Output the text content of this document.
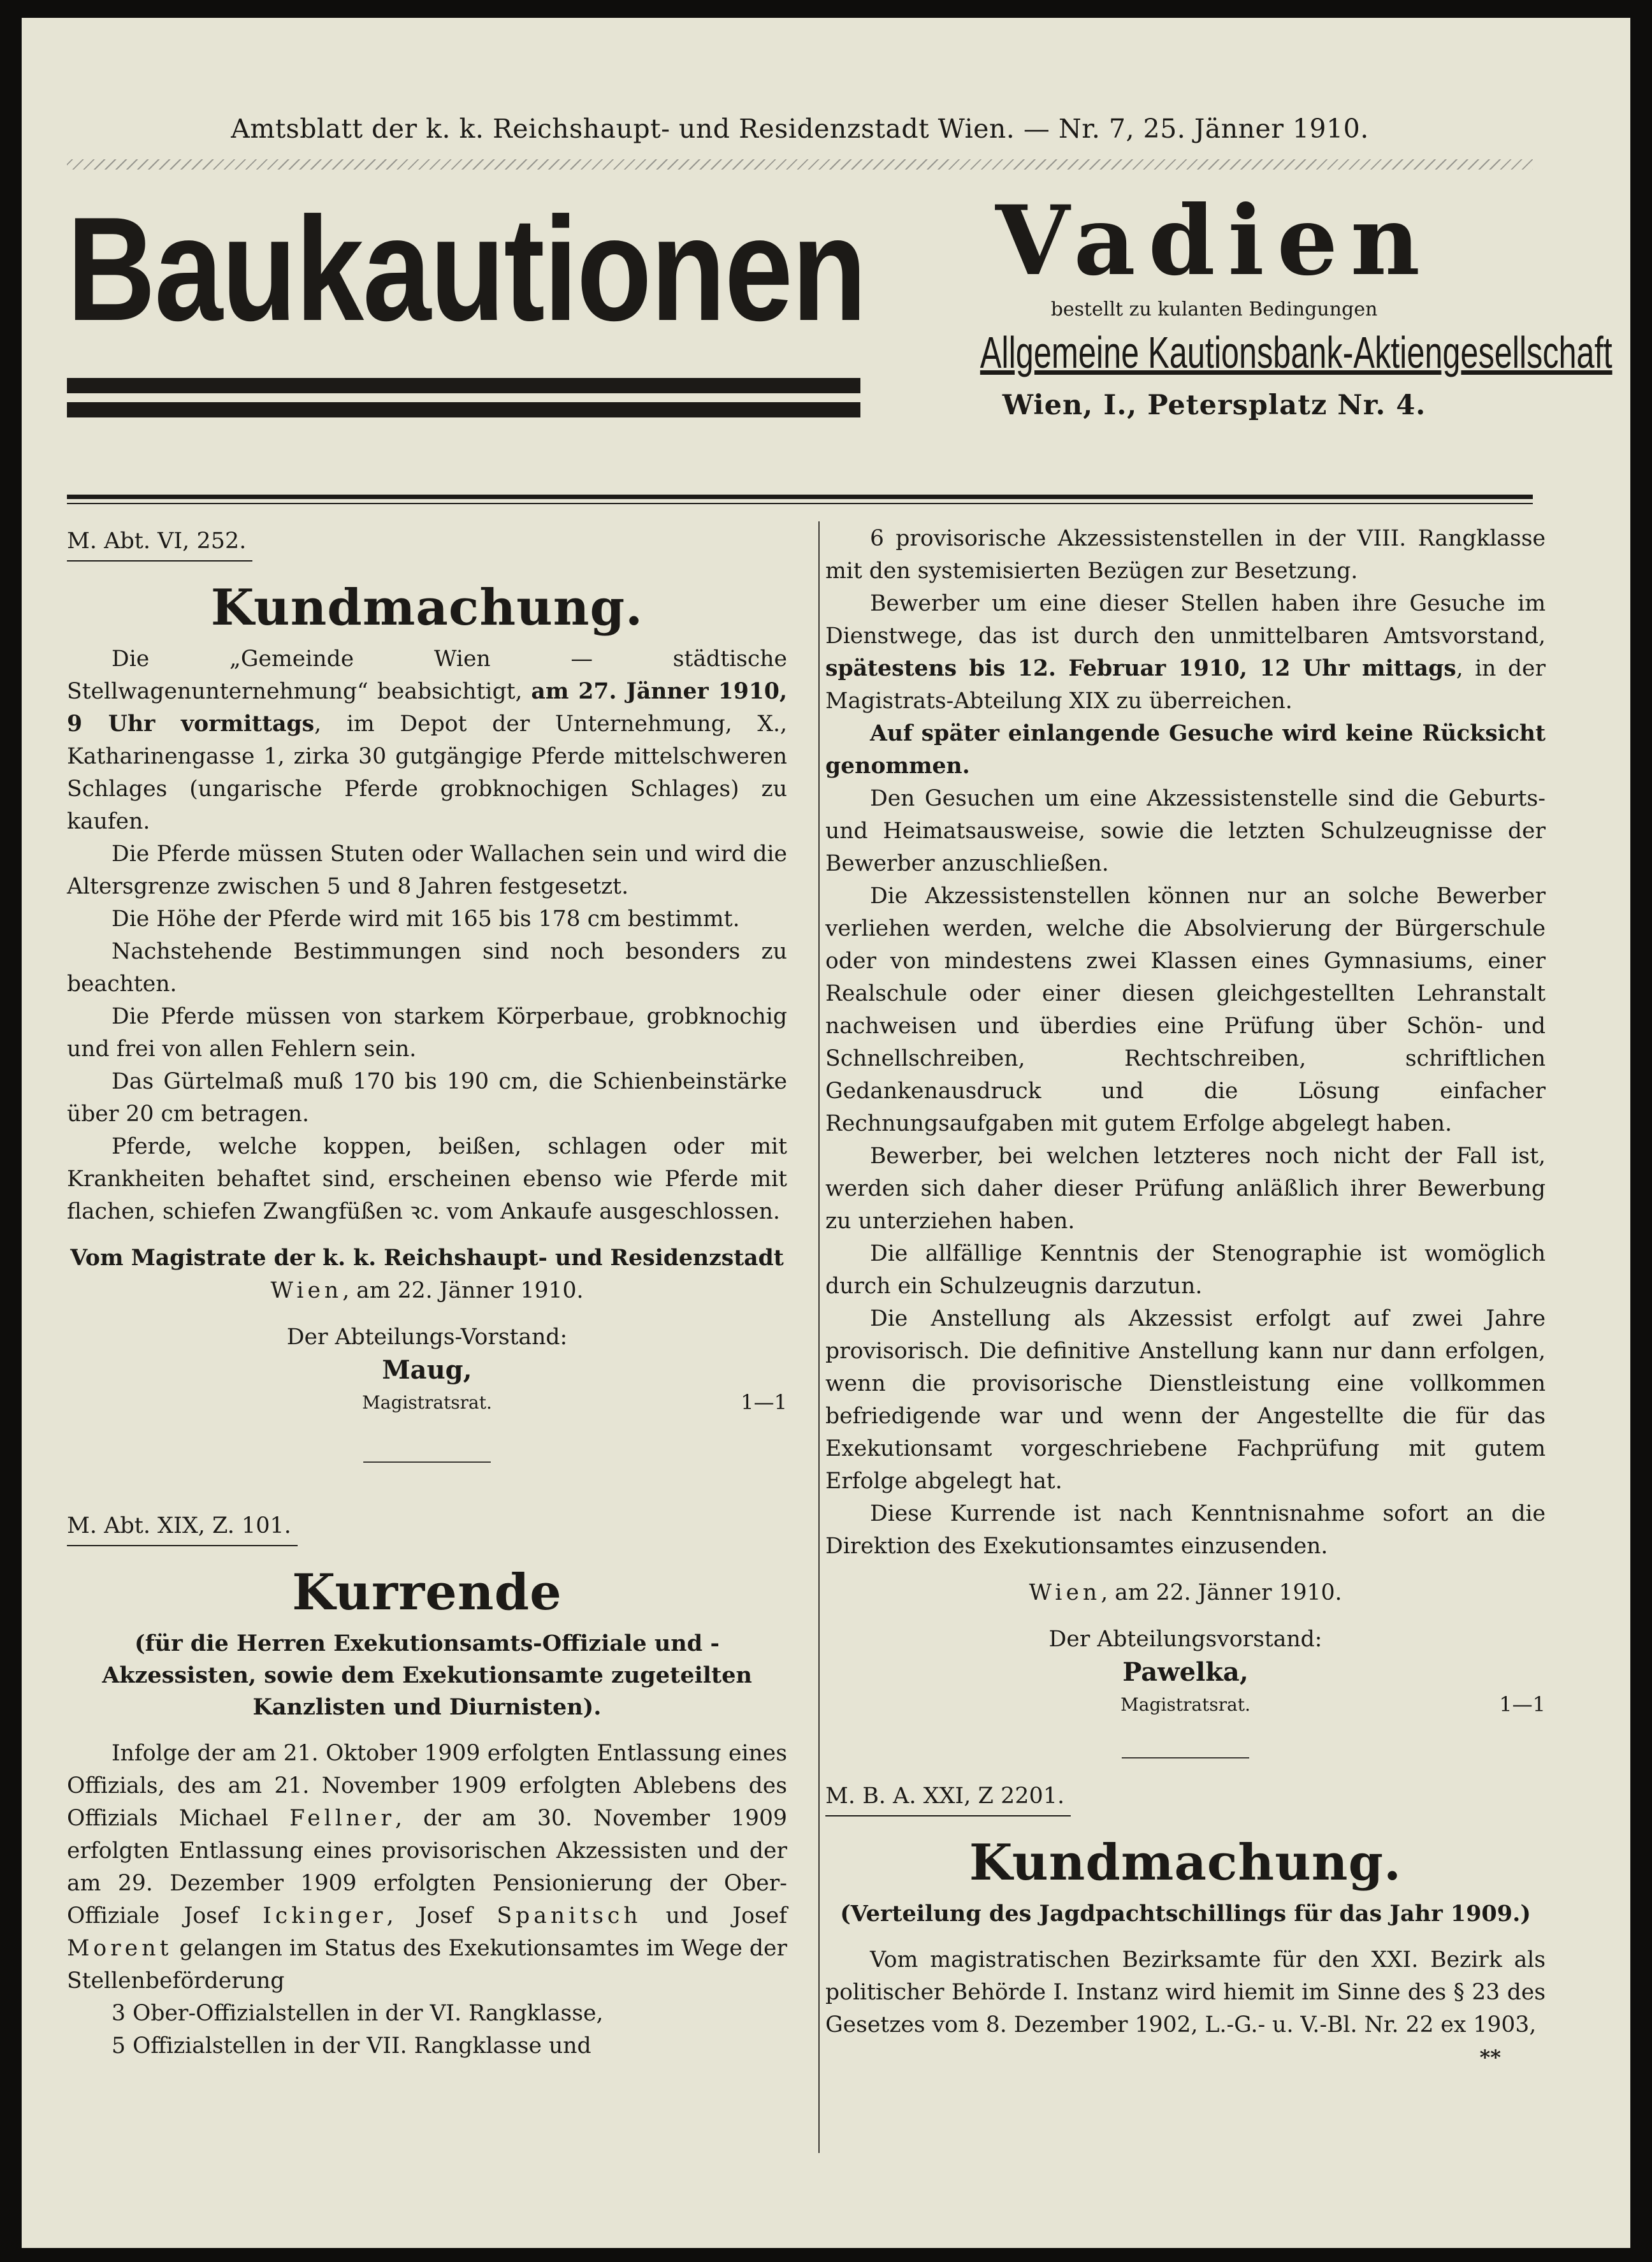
Amtsblatt der k. k. Reichshaupt- und Residenzstadt Wien. — Nr. 7, 25. Jänner 1910.
Baukautionen	Vadien
bestellt zu kulanten Bedingungen
Allgemeine Kautionsbank-Aktiengesellschaft
Wien, I., Petersplatz Nr. 4.
M. Abt. VI, 252.
Kundmachung.

Die „Gemeinde Wien — städtische Stellwagenunternehmung“ beabsichtigt, am 27. Jänner 1910, 9 Uhr vormittags, im Depot der Unternehmung, X., Katharinengasse 1, zirka 30 gutgängige Pferde mittelschweren Schlages (ungarische Pferde grobknochigen Schlages) zu kaufen.

Die Pferde müssen Stuten oder Wallachen sein und wird die Altersgrenze zwischen 5 und 8 Jahren festgesetzt.

Die Höhe der Pferde wird mit 165 bis 178 cm bestimmt.

Nachstehende Bestimmungen sind noch besonders zu beachten.

Die Pferde müssen von starkem Körperbaue, grobknochig und frei von allen Fehlern sein.

Das Gürtelmaß muß 170 bis 190 cm, die Schienbeinstärke über 20 cm betragen.

Pferde, welche koppen, beißen, schlagen oder mit Krankheiten behaftet sind, erscheinen ebenso wie Pferde mit flachen, schiefen Zwangfüßen ꝛc. vom Ankaufe ausgeschlossen.

Vom Magistrate der k. k. Reichshaupt- und Residenzstadt
Wien, am 22. Jänner 1910.
Der Abteilungs-Vorstand:
Maug,
Magistratsrat.	1—1
M. Abt. XIX, Z. 101.
Kurrende
(für die Herren Exekutionsamts-Offiziale und -Akzessisten, sowie dem Exekutionsamte zugeteilten Kanzlisten und Diurnisten).

Infolge der am 21. Oktober 1909 erfolgten Entlassung eines Offizials, des am 21. November 1909 erfolgten Ablebens des Offizials Michael Fellner, der am 30. November 1909 erfolgten Entlassung eines provisorischen Akzessisten und der am 29. Dezember 1909 erfolgten Pensionierung der Ober-Offiziale Josef Ickinger, Josef Spanitsch und Josef Morent gelangen im Status des Exekutionsamtes im Wege der Stellenbeförderung

3 Ober-Offizialstellen in der VI. Rangklasse,

5 Offizialstellen in der VII. Rangklasse und

6 provisorische Akzessistenstellen in der VIII. Rangklasse mit den systemisierten Bezügen zur Besetzung.

Bewerber um eine dieser Stellen haben ihre Gesuche im Dienstwege, das ist durch den unmittelbaren Amtsvorstand, spätestens bis 12. Februar 1910, 12 Uhr mittags, in der Magistrats-Abteilung XIX zu überreichen.

Auf später einlangende Gesuche wird keine Rücksicht genommen.

Den Gesuchen um eine Akzessistenstelle sind die Geburts- und Heimatsausweise, sowie die letzten Schulzeugnisse der Bewerber anzuschließen.

Die Akzessistenstellen können nur an solche Bewerber verliehen werden, welche die Absolvierung der Bürgerschule oder von mindestens zwei Klassen eines Gymnasiums, einer Realschule oder einer diesen gleichgestellten Lehranstalt nachweisen und überdies eine Prüfung über Schön- und Schnellschreiben, Rechtschreiben, schriftlichen Gedankenausdruck und die Lösung einfacher Rechnungsaufgaben mit gutem Erfolge abgelegt haben.

Bewerber, bei welchen letzteres noch nicht der Fall ist, werden sich daher dieser Prüfung anläßlich ihrer Bewerbung zu unterziehen haben.

Die allfällige Kenntnis der Stenographie ist womöglich durch ein Schulzeugnis darzutun.

Die Anstellung als Akzessist erfolgt auf zwei Jahre provisorisch. Die definitive Anstellung kann nur dann erfolgen, wenn die provisorische Dienstleistung eine vollkommen befriedigende war und wenn der Angestellte die für das Exekutionsamt vorgeschriebene Fachprüfung mit gutem Erfolge abgelegt hat.

Diese Kurrende ist nach Kenntnisnahme sofort an die Direktion des Exekutionsamtes einzusenden.

Wien, am 22. Jänner 1910.
Der Abteilungsvorstand:
Pawelka,
Magistratsrat.	1—1
M. B. A. XXI, Z 2201.
Kundmachung.
(Verteilung des Jagdpachtschillings für das Jahr 1909.)

Vom magistratischen Bezirksamte für den XXI. Bezirk als politischer Behörde I. Instanz wird hiemit im Sinne des § 23 des Gesetzes vom 8. Dezember 1902, L.-G.- u. V.-Bl. Nr. 22 ex 1903,

**
